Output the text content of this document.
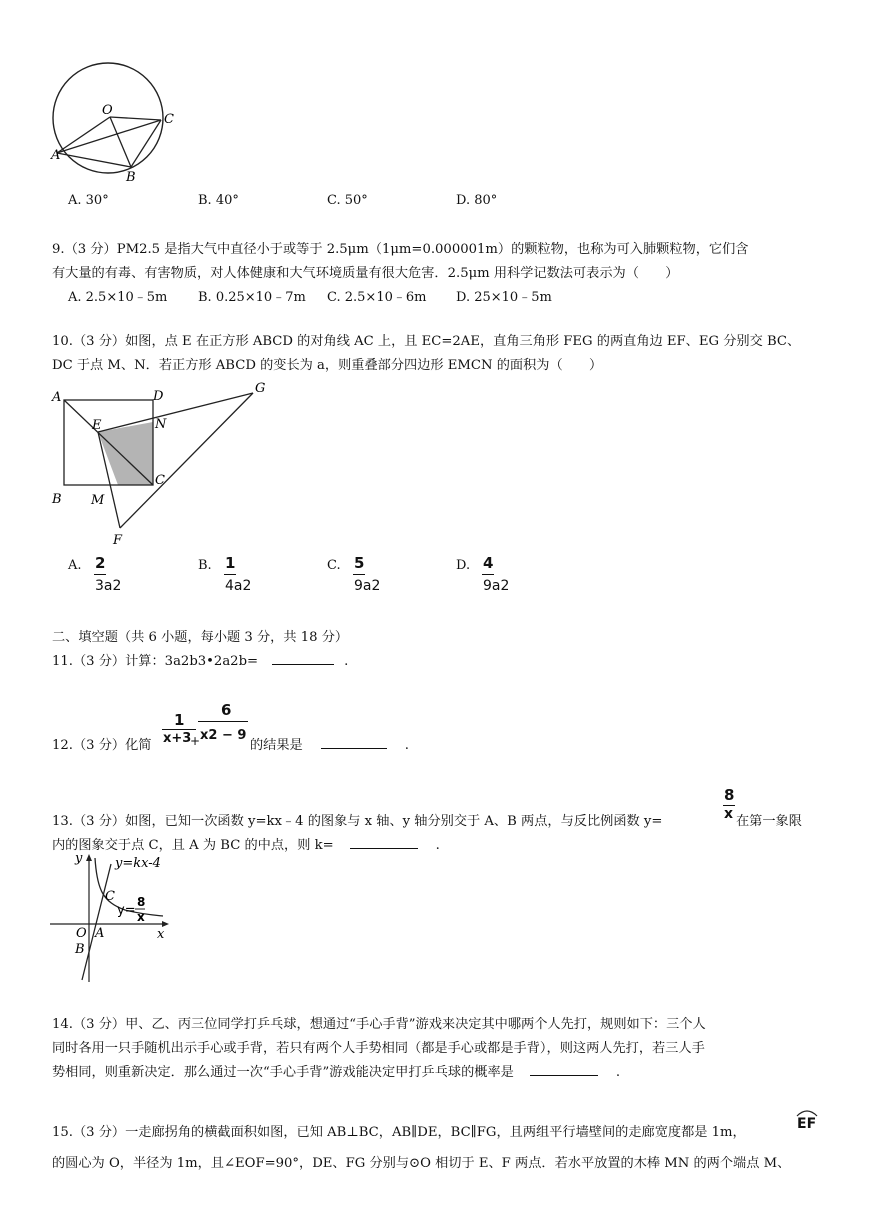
O
A
B
C
A. 30°	B. 40°	C. 50°	D. 80°
9.（3 分）PM2.5 是指大气中直径小于或等于 2.5μm（1μm=0.000001m）的颗粒物，也称为可入肺颗粒物，它们含
有大量的有毒、有害物质，对人体健康和大气环境质量有很大危害．2.5μm 用科学记数法可表示为（　　）
A. 2.5×10﹣5m B. 0.25×10﹣7m C. 2.5×10﹣6m D. 25×10﹣5m
10.（3 分）如图，点 E 在正方形 ABCD 的对角线 AC 上，且 EC=2AE，直角三角形 FEG 的两直角边 EF、EG 分别交 BC、
DC 于点 M、N．若正方形 ABCD 的变长为 a，则重叠部分四边形 EMCN 的面积为（　　）
A	D
G
E	N
C
B M
F
A. 2
3a2
B. 1
4a2
C. 5
9a2
D. 4
9a2
二、填空题（共 6 小题，每小题 3 分，共 18 分）
11.（3 分）计算：3a2b3•2a2b=	.
12.（3 分）化简
1
x+3
+
6
x2 − 9
的结果是	.
13.（3 分）如图，已知一次函数 y=kx﹣4 的图象与 x 轴、y 轴分别交于 A、B 两点，与反比例函数 y=
8
x 在第一象限
内的图象交于点 C，且 A 为 BC 的中点，则 k=	.
y	y=kx-4
C
y=
8
x
O A
B
x
14.（3 分）甲、乙、丙三位同学打乒乓球，想通过“手心手背”游戏来决定其中哪两个人先打，规则如下：三个人
同时各用一只手随机出示手心或手背，若只有两个人手势相同（都是手心或都是手背），则这两人先打，若三人手
势相同，则重新决定．那么通过一次“手心手背”游戏能决定甲打乒乓球的概率是	.
15.（3 分）一走廊拐角的横截面积如图，已知 AB⊥BC，AB∥DE，BC∥FG，且两组平行墙壁间的走廊宽度都是 1m，
EF
的圆心为 O，半径为 1m，且∠EOF=90°，DE、FG 分别与⊙O 相切于 E、F 两点．若水平放置的木棒 MN 的两个端点 M、
